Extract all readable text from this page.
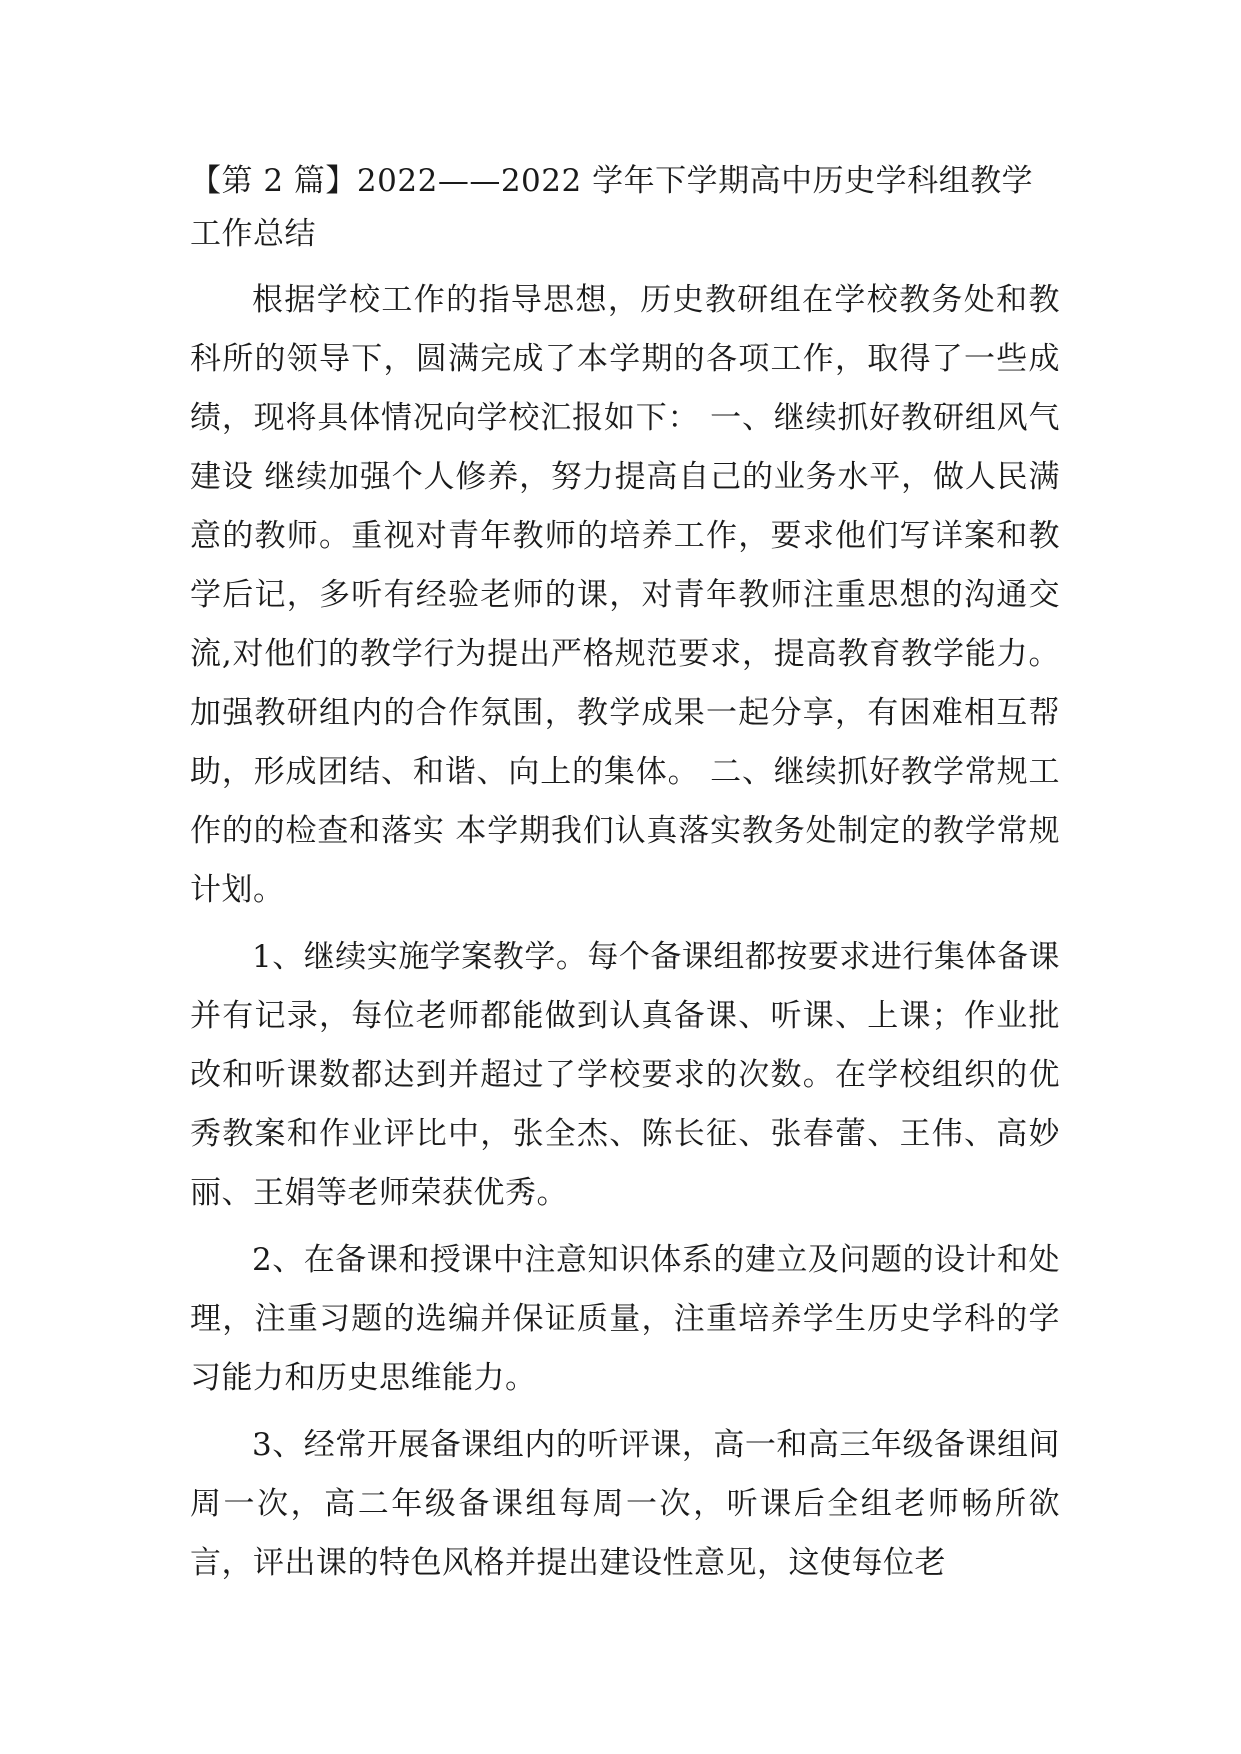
【第 2 篇】2022——2022 学年下学期高中历史学科组教学工作总结

根据学校工作的指导思想，历史教研组在学校教务处和教科所的领导下，圆满完成了本学期的各项工作，取得了一些成绩，现将具体情况向学校汇报如下： 一、继续抓好教研组风气建设 继续加强个人修养，努力提高自己的业务水平，做人民满意的教师。重视对青年教师的培养工作，要求他们写详案和教学后记，多听有经验老师的课，对青年教师注重思想的沟通交流,对他们的教学行为提出严格规范要求，提高教育教学能力。加强教研组内的合作氛围，教学成果一起分享，有困难相互帮助，形成团结、和谐、向上的集体。 二、继续抓好教学常规工作的的检查和落实 本学期我们认真落实教务处制定的教学常规计划。

1、继续实施学案教学。每个备课组都按要求进行集体备课并有记录，每位老师都能做到认真备课、听课、上课；作业批改和听课数都达到并超过了学校要求的次数。在学校组织的优秀教案和作业评比中，张全杰、陈长征、张春蕾、王伟、高妙丽、王娟等老师荣获优秀。

2、在备课和授课中注意知识体系的建立及问题的设计和处理，注重习题的选编并保证质量，注重培养学生历史学科的学习能力和历史思维能力。

3、经常开展备课组内的听评课，高一和高三年级备课组间周一次，高二年级备课组每周一次，听课后全组老师畅所欲言，评出课的特色风格并提出建设性意见，这使每位老
